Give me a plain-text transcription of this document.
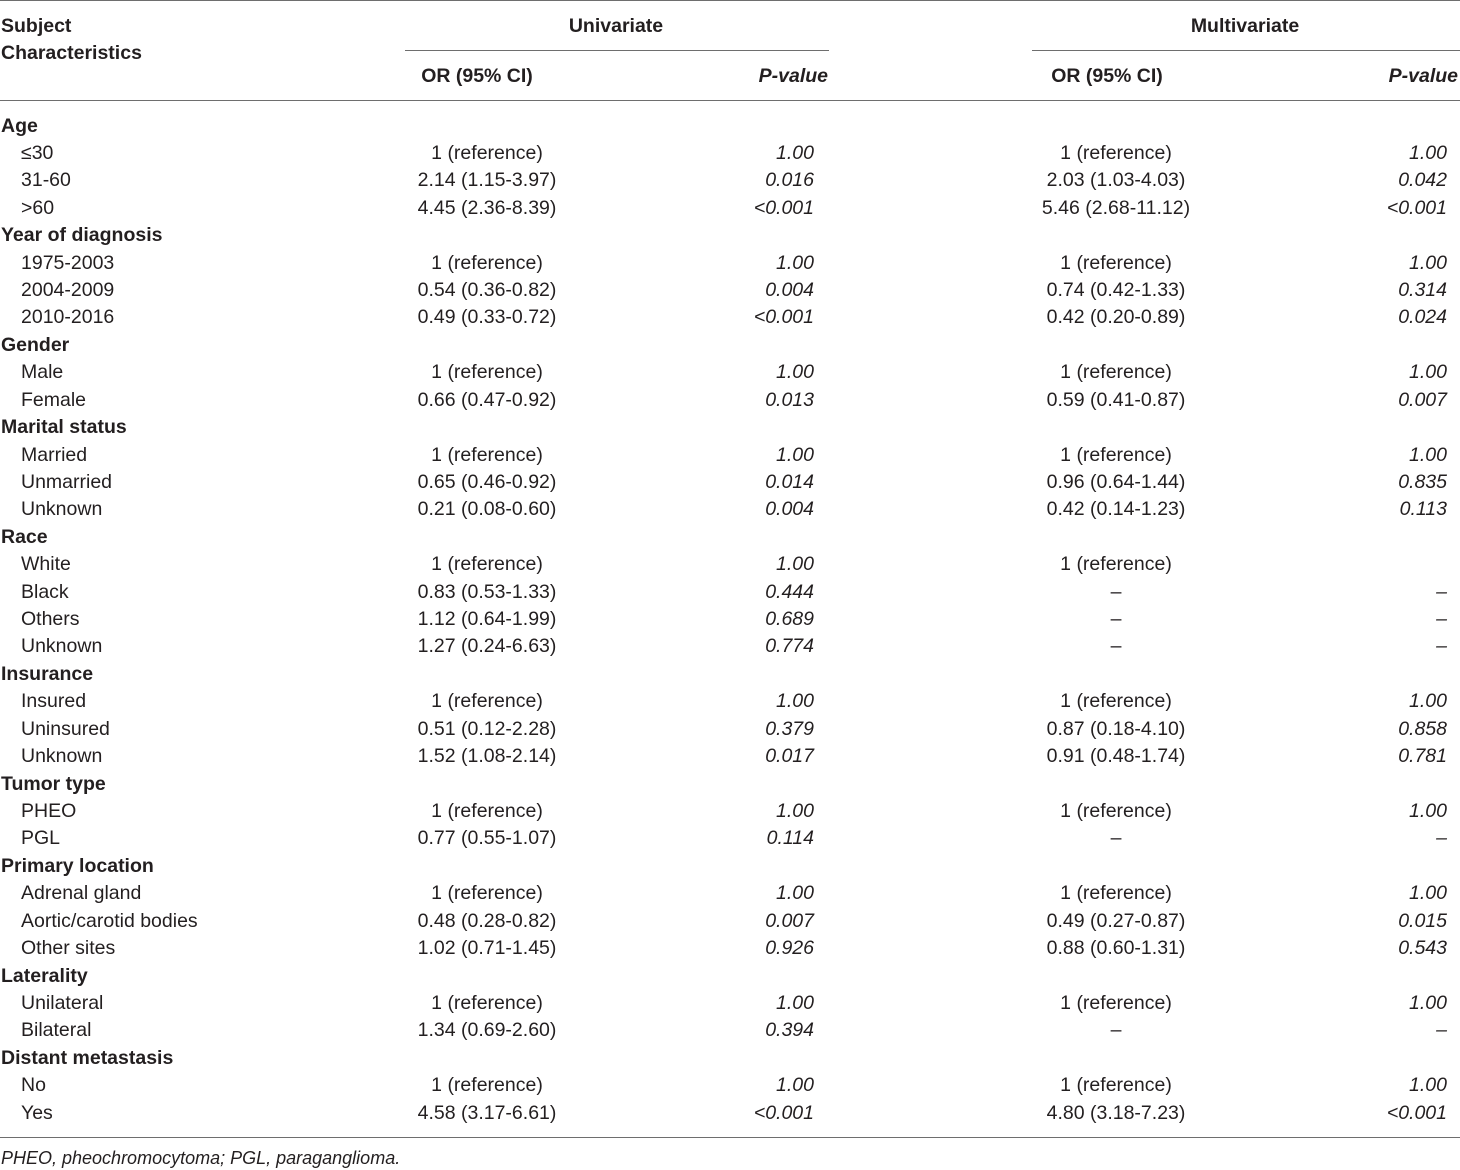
Subject
Characteristics
Univariate	Multivariate
OR (95% CI)	P-value	OR (95% CI)	P-value
Age
≤30	1 (reference)	1.00	1 (reference)	1.00
31-60	2.14 (1.15-3.97)	0.016	2.03 (1.03-4.03)	0.042
>60	4.45 (2.36-8.39)	<0.001	5.46 (2.68-11.12)	<0.001
Year of diagnosis
1975-2003	1 (reference)	1.00	1 (reference)	1.00
2004-2009	0.54 (0.36-0.82)	0.004	0.74 (0.42-1.33)	0.314
2010-2016	0.49 (0.33-0.72)	<0.001	0.42 (0.20-0.89)	0.024
Gender
Male	1 (reference)	1.00	1 (reference)	1.00
Female	0.66 (0.47-0.92)	0.013	0.59 (0.41-0.87)	0.007
Marital status
Married	1 (reference)	1.00	1 (reference)	1.00
Unmarried	0.65 (0.46-0.92)	0.014	0.96 (0.64-1.44)	0.835
Unknown	0.21 (0.08-0.60)	0.004	0.42 (0.14-1.23)	0.113
Race
White	1 (reference)	1.00	1 (reference)
Black	0.83 (0.53-1.33)	0.444	–	–
Others	1.12 (0.64-1.99)	0.689	–	–
Unknown	1.27 (0.24-6.63)	0.774	–	–
Insurance
Insured	1 (reference)	1.00	1 (reference)	1.00
Uninsured	0.51 (0.12-2.28)	0.379	0.87 (0.18-4.10)	0.858
Unknown	1.52 (1.08-2.14)	0.017	0.91 (0.48-1.74)	0.781
Tumor type
PHEO	1 (reference)	1.00	1 (reference)	1.00
PGL	0.77 (0.55-1.07)	0.114	–	–
Primary location
Adrenal gland	1 (reference)	1.00	1 (reference)	1.00
Aortic/carotid bodies	0.48 (0.28-0.82)	0.007	0.49 (0.27-0.87)	0.015
Other sites	1.02 (0.71-1.45)	0.926	0.88 (0.60-1.31)	0.543
Laterality
Unilateral	1 (reference)	1.00	1 (reference)	1.00
Bilateral	1.34 (0.69-2.60)	0.394	–	–
Distant metastasis
No	1 (reference)	1.00	1 (reference)	1.00
Yes	4.58 (3.17-6.61)	<0.001	4.80 (3.18-7.23)	<0.001
PHEO, pheochromocytoma; PGL, paraganglioma.
